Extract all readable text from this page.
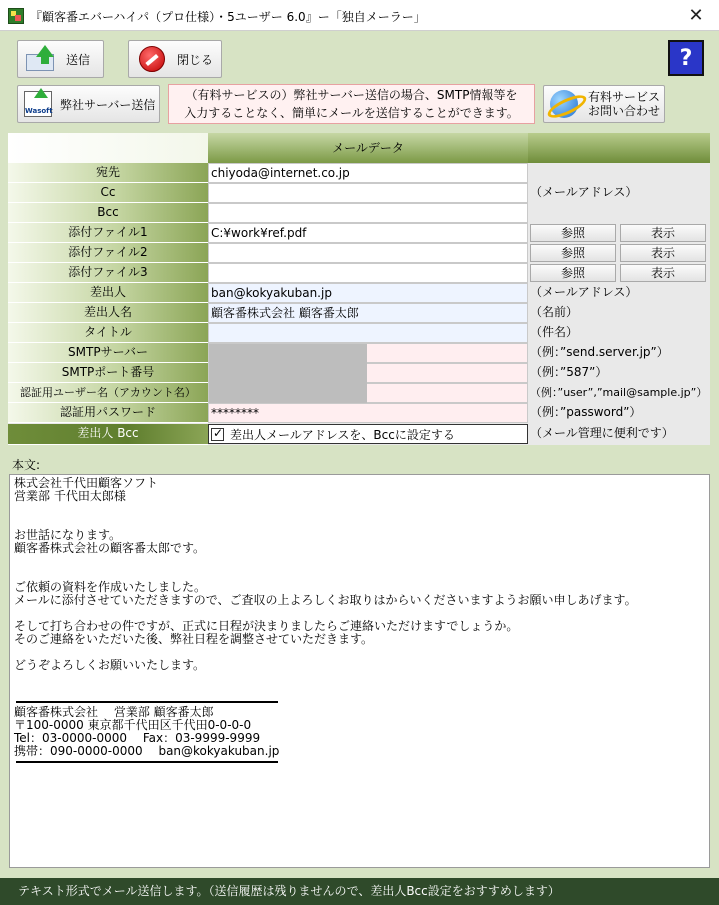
『顧客番エバーハイパ（プロ仕様）・5ユーザー 6.0』ー「独自メーラー」	✕
送信	閉じる	?
Wasoft 弊社サーバー送信
（有料サービスの）弊社サーバー送信の場合、SMTP情報等を
入力することなく、簡単にメールを送信することができます。
有料サービス
お問い合わせ
メールデータ
宛先	chiyoda@internet.co.jp
Cc
Bcc
（メールアドレス）
添付ファイル1	C:¥work¥ref.pdf	参照	表示
添付ファイル2	参照	表示
添付ファイル3	参照	表示
差出人	ban@kokyakuban.jp	（メールアドレス）
差出人名	顧客番株式会社 顧客番太郎	（名前）
タイトル	（件名）
SMTPサーバー	（例：”send.server.jp”）
SMTPポート番号	（例：”587”）
認証用ユーザー名（アカウント名）	（例：”user”,”mail@sample.jp”）
認証用パスワード	********	（例：”password”）
差出人 Bcc
✓	差出人メールアドレスを、Bccに設定する	（メール管理に便利です）
本文:
株式会社千代田顧客ソフト
営業部 千代田太郎様
お世話になります。
顧客番株式会社の顧客番太郎です。
ご依頼の資料を作成いたしました。
メールに添付させていただきますので、ご査収の上よろしくお取りはからいくださいますようお願い申しあげます。
そして打ち合わせの件ですが、正式に日程が決まりましたらご連絡いただけますでしょうか。
そのご連絡をいただいた後、弊社日程を調整させていただきます。
どうぞよろしくお願いいたします。
顧客番株式会社　 営業部 顧客番太郎
〒100-0000 東京都千代田区千代田0-0-0-0
Tel：03-0000-0000　 Fax：03-9999-9999
携帯：090-0000-0000　 ban@kokyakuban.jp
テキスト形式でメール送信します。（送信履歴は残りませんので、差出人Bcc設定をおすすめします）
